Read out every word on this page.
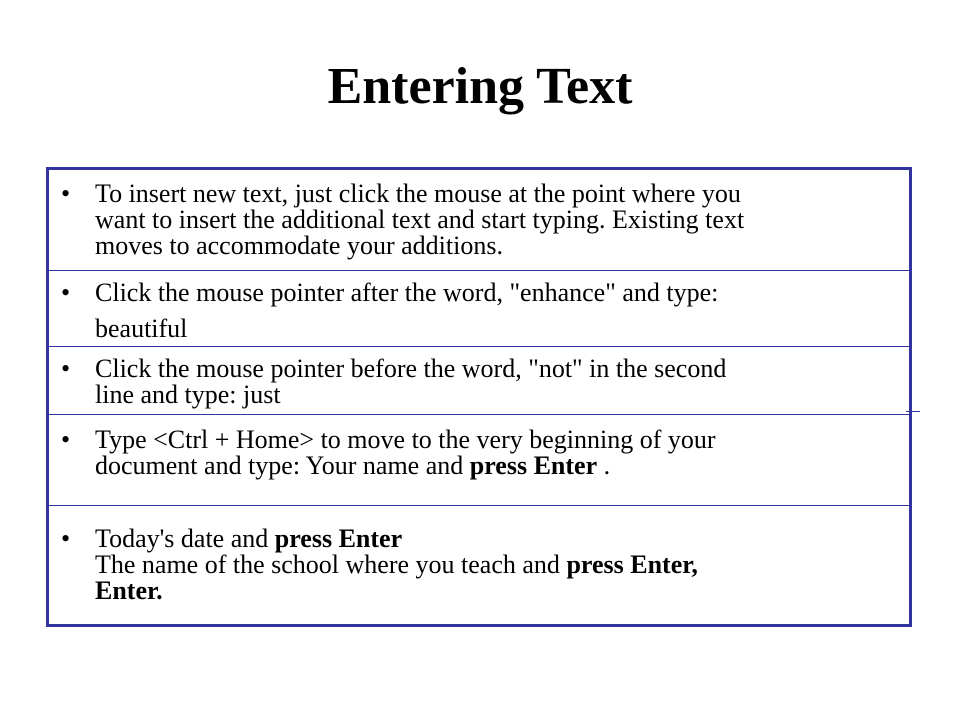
Entering Text
• To insert new text, just click the mouse at the point where you
want to insert the additional text and start typing. Existing text
moves to accommodate your additions.
• Click the mouse pointer after the word, "enhance" and type:
beautiful
• Click the mouse pointer before the word, "not" in the second
line and type: just
• Type <Ctrl + Home> to move to the very beginning of your
document and type: Your name and press Enter .
• Today's date and press Enter
The name of the school where you teach and press Enter,
Enter.
